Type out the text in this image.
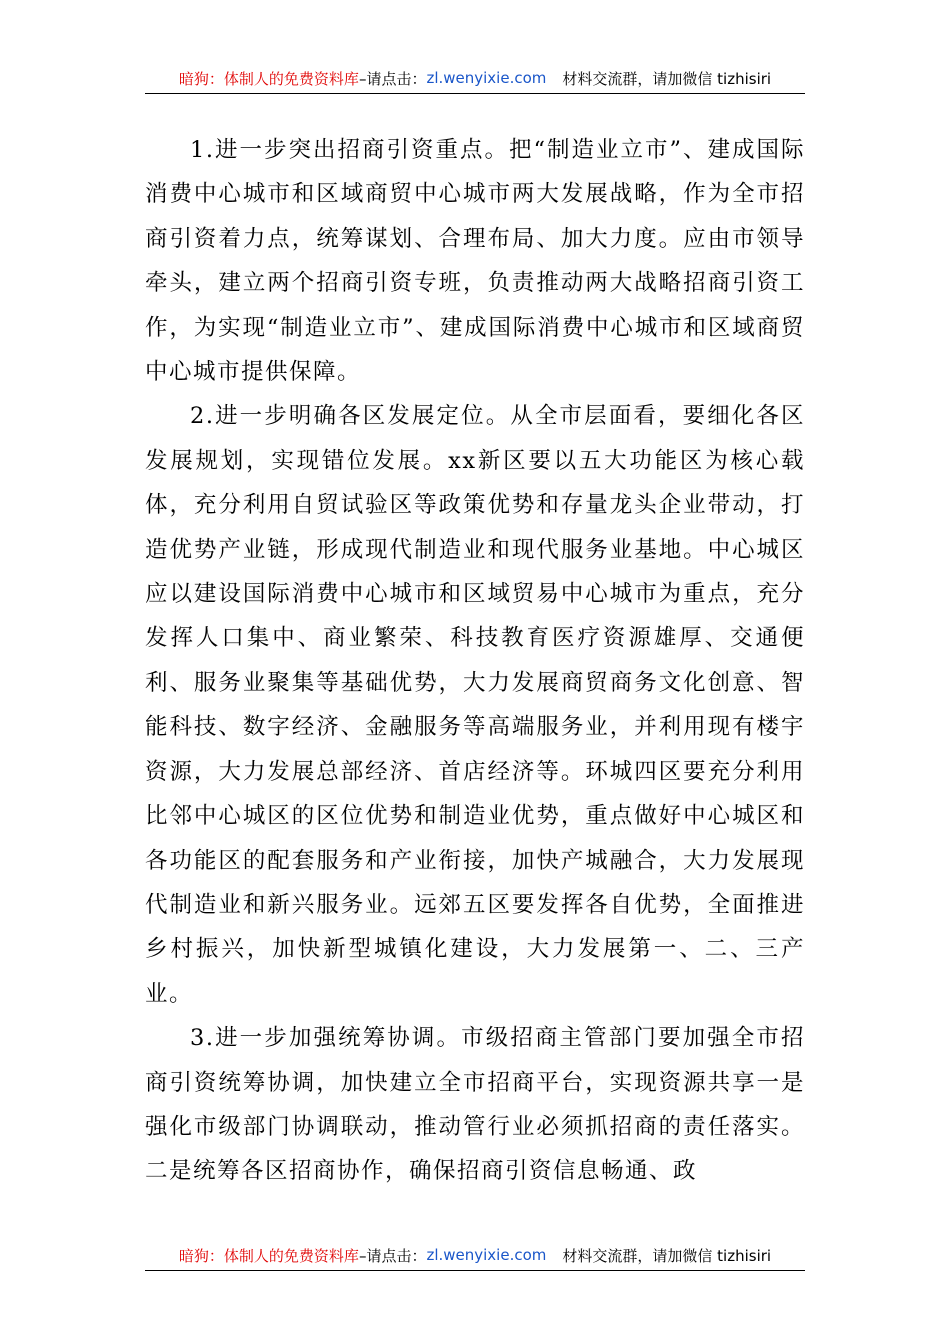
暗狗：体制人的免费资料库 –请点击： zl.wenyixie.com 材料交流群，请加微信 tizhisiri

1.进一步突出招商引资重点。把“制造业立市”、建成国际消费中心城市和区域商贸中心城市两大发展战略，作为全市招商引资着力点，统筹谋划、合理布局、加大力度。应由市领导牵头，建立两个招商引资专班，负责推动两大战略招商引资工作，为实现“制造业立市”、建成国际消费中心城市和区域商贸中心城市提供保障。

2.进一步明确各区发展定位。从全市层面看，要细化各区发展规划，实现错位发展。xx新区要以五大功能区为核心载体，充分利用自贸试验区等政策优势和存量龙头企业带动，打造优势产业链，形成现代制造业和现代服务业基地。中心城区应以建设国际消费中心城市和区域贸易中心城市为重点，充分发挥人口集中、商业繁荣、科技教育医疗资源雄厚、交通便利、服务业聚集等基础优势，大力发展商贸商务文化创意、智能科技、数字经济、金融服务等高端服务业，并利用现有楼宇资源，大力发展总部经济、首店经济等。环城四区要充分利用比邻中心城区的区位优势和制造业优势，重点做好中心城区和各功能区的配套服务和产业衔接，加快产城融合，大力发展现代制造业和新兴服务业。远郊五区要发挥各自优势，全面推进乡村振兴，加快新型城镇化建设，大力发展第一、二、三产业。

3.进一步加强统筹协调。市级招商主管部门要加强全市招商引资统筹协调，加快建立全市招商平台，实现资源共享一是强化市级部门协调联动，推动管行业必须抓招商的责任落实。二是统筹各区招商协作，确保招商引资信息畅通、政

暗狗：体制人的免费资料库 –请点击： zl.wenyixie.com 材料交流群，请加微信 tizhisiri
